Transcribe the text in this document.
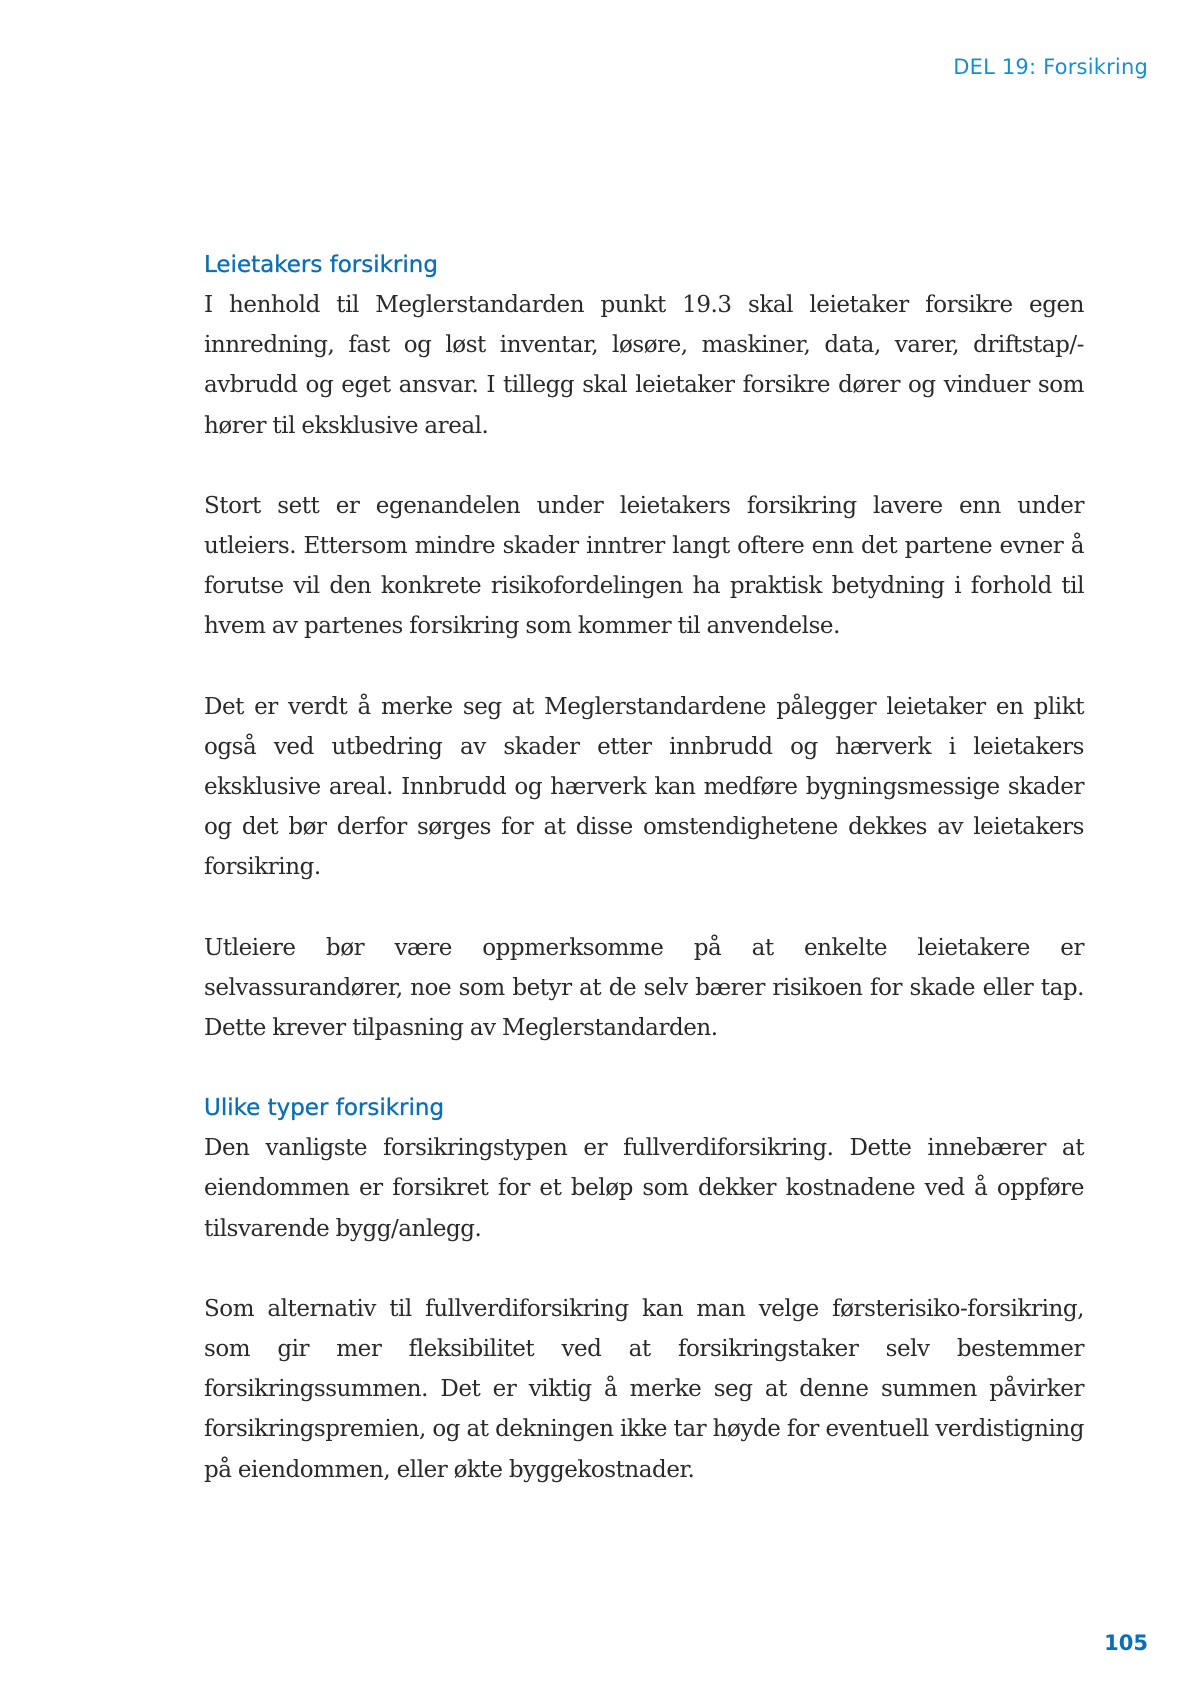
DEL 19: Forsikring

Leietakers forsikring

I henhold til Meglerstandarden punkt 19.3 skal leietaker forsikre egen innredning, fast og løst inventar, løsøre, maskiner, data, varer, driftstap/-avbrudd og eget ansvar. I tillegg skal leietaker forsikre dører og vinduer som hører til eksklusive areal.

Stort sett er egenandelen under leietakers forsikring lavere enn under utleiers. Ettersom mindre skader inntrer langt oftere enn det partene evner å forutse vil den konkrete risikofordelingen ha praktisk betydning i forhold til hvem av partenes forsikring som kommer til anvendelse.

Det er verdt å merke seg at Meglerstandardene pålegger leietaker en plikt også ved utbedring av skader etter innbrudd og hærverk i leietakers eksklusive areal. Innbrudd og hærverk kan medføre bygningsmessige skader og det bør derfor sørges for at disse omstendighetene dekkes av leietakers forsikring.

Utleiere bør være oppmerksomme på at enkelte leietakere er selvassurandører, noe som betyr at de selv bærer risikoen for skade eller tap. Dette krever tilpasning av Meglerstandarden.

Ulike typer forsikring

Den vanligste forsikringstypen er fullverdiforsikring. Dette innebærer at eiendommen er forsikret for et beløp som dekker kostnadene ved å oppføre tilsvarende bygg/anlegg.

Som alternativ til fullverdiforsikring kan man velge førsterisiko-forsikring, som gir mer fleksibilitet ved at forsikringstaker selv bestemmer forsikringssummen. Det er viktig å merke seg at denne summen påvirker forsikringspremien, og at dekningen ikke tar høyde for eventuell verdistigning på eiendommen, eller økte byggekostnader.

105
